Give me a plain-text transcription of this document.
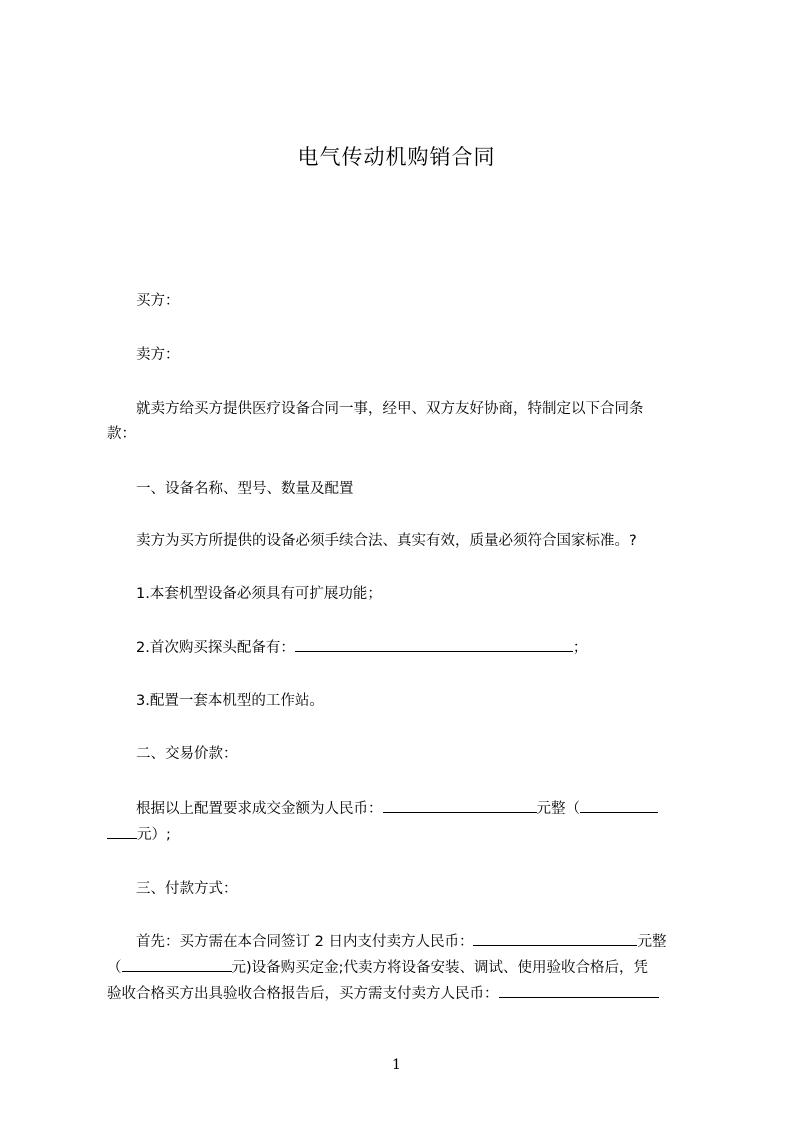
电气传动机购销合同
买方：
卖方：
就卖方给买方提供医疗设备合同一事，经甲、双方友好协商，特制定以下合同条
款：
一、设备名称、型号、数量及配置
卖方为买方所提供的设备必须手续合法、真实有效，质量必须符合国家标准。?
1.本套机型设备必须具有可扩展功能；
2.首次购买探头配备有：	；
3.配置一套本机型的工作站。
二、交易价款：
根据以上配置要求成交金额为人民币：	元整（
元）;
三、付款方式：
首先：买方需在本合同签订 2 日内支付卖方人民币：	元整
（	元)设备购买定金;代卖方将设备安装、调试、使用验收合格后，凭
验收合格买方出具验收合格报告后，买方需支付卖方人民币：
1
